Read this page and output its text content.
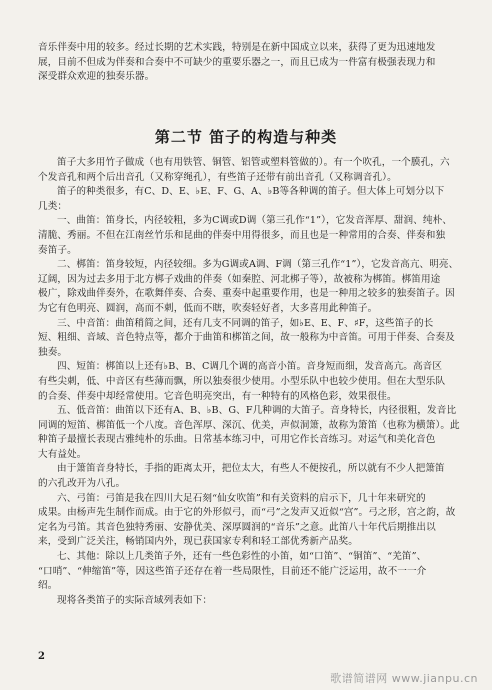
音乐伴奏中用的较多。经过长期的艺术实践，特别是在新中国成立以来，获得了更为迅速地发
展，目前不但成为伴奏和合奏中不可缺少的重要乐器之一，而且已成为一件富有极强表现力和
深受群众欢迎的独奏乐器。
第二节 笛子的构造与种类
笛子大多用竹子做成（也有用铁管、铜管、铝管或塑料管做的）。有一个吹孔，一个膜孔，六
个发音孔和两个后出音孔（又称穿绳孔），有些笛子还带有前出音孔（又称调音孔）。
笛子的种类很多，有C、D、E、♭E、F、G、A、♭B等各种调的笛子。但大体上可划分以下
几类：
一、曲笛：笛身长，内径较粗，多为C调或D调（第三孔作“1”），它发音浑厚、甜润、纯朴、
清脆、秀丽。不但在江南丝竹乐和昆曲的伴奏中用得很多，而且也是一种常用的合奏、伴奏和独
奏笛子。
二、梆笛：笛身较短，内径较细。多为G调或A调、F调（第三孔作“1”），它发音高亢、明亮、
辽阔，因为过去多用于北方梆子戏曲的伴奏（如秦腔、河北梆子等），故被称为梆笛。梆笛用途
极广，除戏曲伴奏外，在歌舞伴奏、合奏、重奏中起重要作用，也是一种用之较多的独奏笛子。因
为它有色明亮、圆润，高而不刺，低而不瞎，吹奏轻好者，大多喜用此种笛子。
三、中音笛：曲笛稍简之间，还有几支不同调的笛子，如♭E、E、F、♯F，这些笛子的长
短、粗细、音域、音色特点等，都介于曲笛和梆笛之间，故一般称为中音笛。可用于伴奏、合奏及
独奏。
四、短笛：梆笛以上还有♭B、B、C调几个调的高音小笛。音身短而细，发音高亢。高音区
有些尖刺，低、中音区有些薄而飘，所以独奏很少使用。小型乐队中也较少使用。但在大型乐队
的合奏、伴奏中却经常使用。它音色明亮突出，有一种特有的风格色彩，效果很佳。
五、低音笛：曲笛以下还有A、B、♭B、G、F几种调的大笛子。音身特长，内径很粗，发音比
同调的短笛、梆笛低一个八度。音色浑厚、深沉、优美，声似洞箫，故称为箫笛（也称为横箫）。此
种笛子最擅长表现古雅纯朴的乐曲。日常基本练习中，可用它作长音练习。对运气和美化音色
大有益处。
由于箫笛音身特长，手指的距离太开，把位太大，有些人不便按孔，所以就有不少人把箫笛
的六孔改开为八孔。
六、弓笛：弓笛是我在四川大足石刻“仙女吹笛”和有关资料的启示下，几十年来研究的
成果。由杨声先生制作而成。由于它的外形似弓，而“弓”之发声又近似“宫”。弓之形，宫之韵，故
定名为弓笛。其音色独特秀丽、安静优美、深厚圆润的“音乐”之意。此笛八十年代后期推出以
来，受到广泛关注，畅销国内外，现已获国家专利和轻工部优秀新产品奖。
七、其他：除以上几类笛子外，还有一些色彩性的小笛，如“口笛”、“铜笛”、“羌笛”、
“口哨”、“伸缩笛”等，因这些笛子还存在着一些局限性，目前还不能广泛运用，故不一一介
绍。
现将各类笛子的实际音域列表如下：
2
歌谱简谱网 www.jianpu.cn
